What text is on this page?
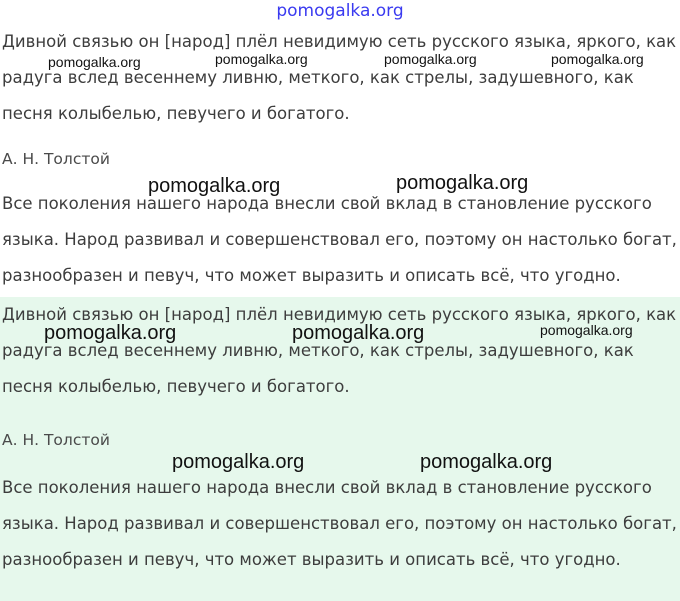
pomogalka.org

Дивной связью он [народ] плёл невидимую сеть русского языка, яркого, как радуга вслед весеннему ливню, меткого, как стрелы, задушевного, как песня колыбелью, певучего и богатого.

А. Н. Толстой

Все поколения нашего народа внесли свой вклад в становление русского языка. Народ развивал и совершенствовал его, поэтому он настолько богат, разнообразен и певуч, что может выразить и описать всё, что угодно.

pomogalka.org	pomogalka.org	pomogalka.org	pomogalka.org
pomogalka.org	pomogalka.org

Дивной связью он [народ] плёл невидимую сеть русского языка, яркого, как радуга вслед весеннему ливню, меткого, как стрелы, задушевного, как песня колыбелью, певучего и богатого.

А. Н. Толстой

Все поколения нашего народа внесли свой вклад в становление русского языка. Народ развивал и совершенствовал его, поэтому он настолько богат, разнообразен и певуч, что может выразить и описать всё, что угодно.

pomogalka.org	pomogalka.org	pomogalka.org
pomogalka.org	pomogalka.org
